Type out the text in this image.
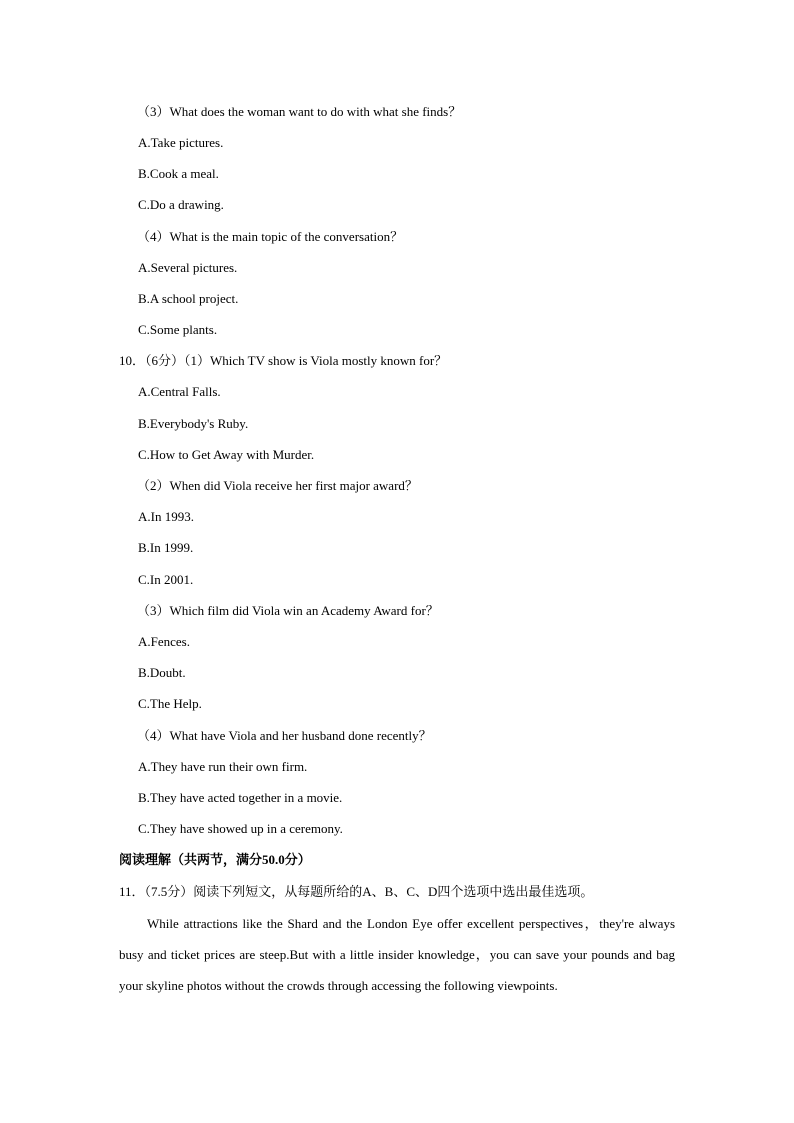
（3）What does the woman want to do with what she finds？
A.Take pictures.
B.Cook a meal.
C.Do a drawing.
（4）What is the main topic of the conversation？
A.Several pictures.
B.A school project.
C.Some plants.
10．（6分）（1）Which TV show is Viola mostly known for？
A.Central Falls.
B.Everybody's Ruby.
C.How to Get Away with Murder.
（2）When did Viola receive her first major award？
A.In 1993.
B.In 1999.
C.In 2001.
（3）Which film did Viola win an Academy Award for？
A.Fences.
B.Doubt.
C.The Help.
（4）What have Viola and her husband done recently？
A.They have run their own firm.
B.They have acted together in a movie.
C.They have showed up in a ceremony.
阅读理解（共两节，满分50.0分）
11．（7.5分）阅读下列短文，从每题所给的A、B、C、D四个选项中选出最佳选项。
While attractions like the Shard and the London Eye offer excellent perspectives，they're always busy and ticket prices are steep.But with a little insider knowledge，you can save your pounds and bag your skyline photos without the crowds through accessing the following viewpoints.
